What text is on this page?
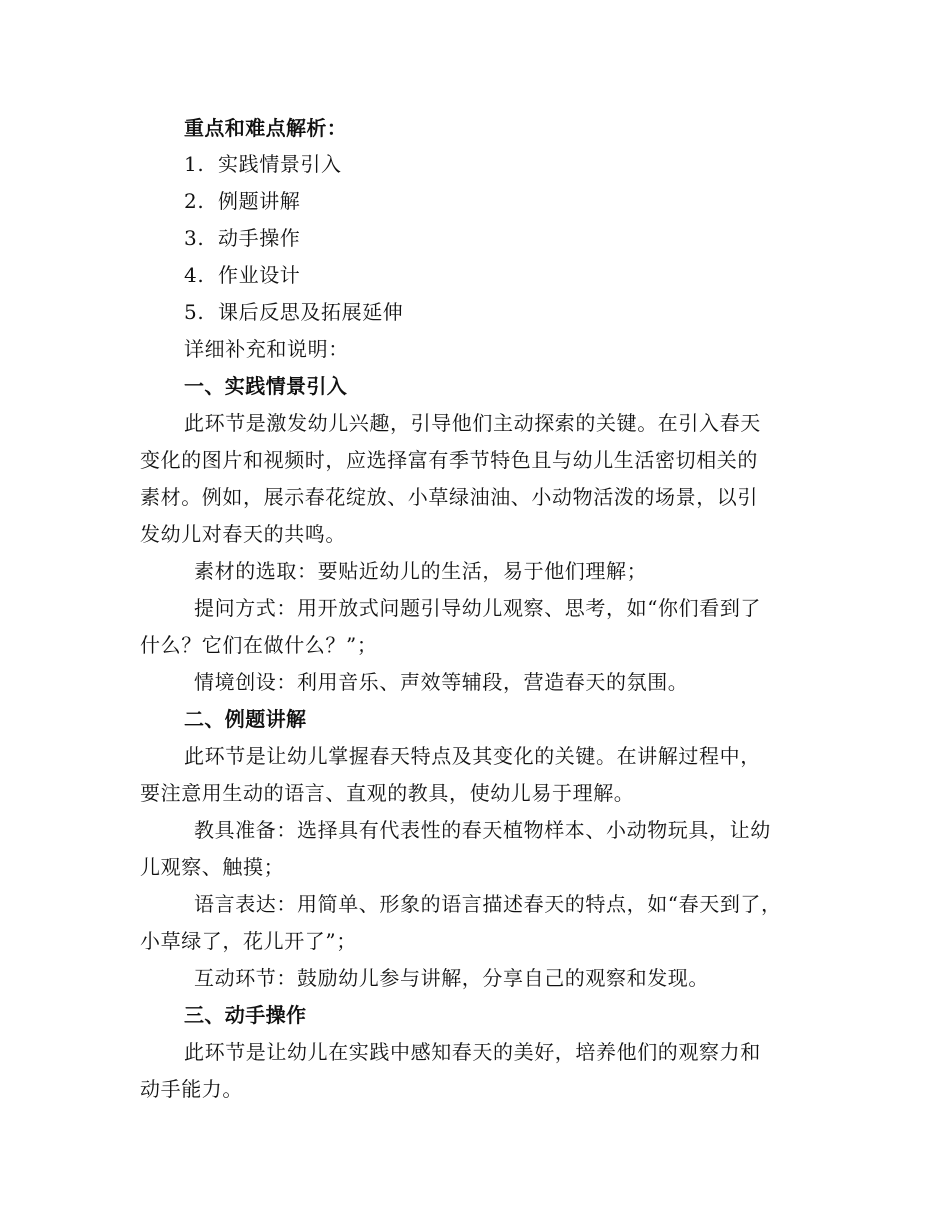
重点和难点解析：
1. 实践情景引入
2. 例题讲解
3. 动手操作
4. 作业设计
5. 课后反思及拓展延伸
详细补充和说明：
一、实践情景引入
此环节是激发幼儿兴趣，引导他们主动探索的关键。在引入春天
变化的图片和视频时，应选择富有季节特色且与幼儿生活密切相关的
素材。例如，展示春花绽放、小草绿油油、小动物活泼的场景，以引
发幼儿对春天的共鸣。
素材的选取：要贴近幼儿的生活，易于他们理解；
提问方式：用开放式问题引导幼儿观察、思考，如“你们看到了
什么？它们在做什么？”；
情境创设：利用音乐、声效等辅段，营造春天的氛围。
二、例题讲解
此环节是让幼儿掌握春天特点及其变化的关键。在讲解过程中，
要注意用生动的语言、直观的教具，使幼儿易于理解。
教具准备：选择具有代表性的春天植物样本、小动物玩具，让幼
儿观察、触摸；
语言表达：用简单、形象的语言描述春天的特点，如“春天到了，
小草绿了，花儿开了”；
互动环节：鼓励幼儿参与讲解，分享自己的观察和发现。
三、动手操作
此环节是让幼儿在实践中感知春天的美好，培养他们的观察力和
动手能力。
